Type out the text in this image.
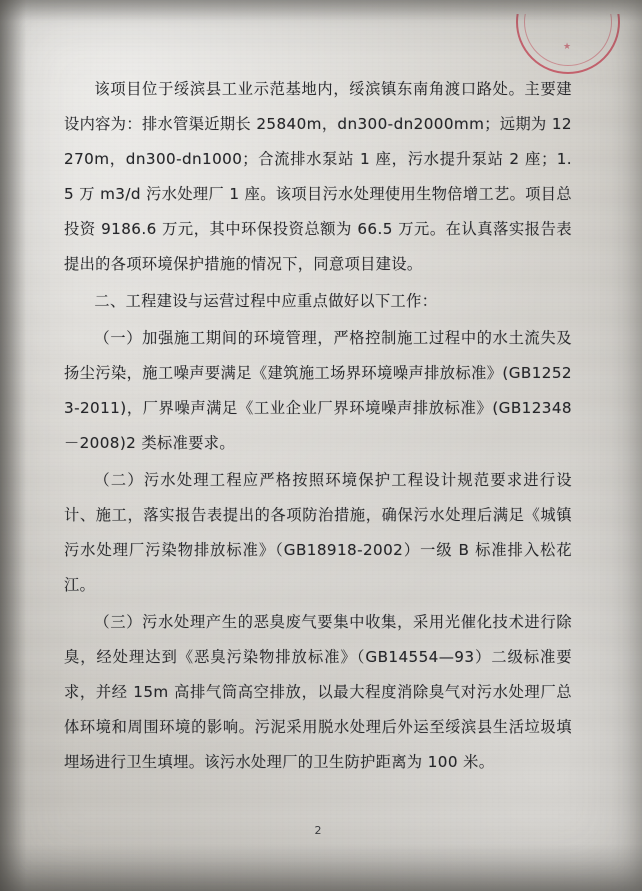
★

该项目位于绥滨县工业示范基地内，绥滨镇东南角渡口路处。主要建设内容为：排水管渠近期长 25840m，dn300-dn2000mm；远期为 12270m，dn300-dn1000；合流排水泵站 1 座，污水提升泵站 2 座；1.5 万 m3/d 污水处理厂 1 座。该项目污水处理使用生物倍增工艺。项目总投资 9186.6 万元，其中环保投资总额为 66.5 万元。在认真落实报告表提出的各项环境保护措施的情况下，同意项目建设。

二、工程建设与运营过程中应重点做好以下工作：

（一）加强施工期间的环境管理，严格控制施工过程中的水土流失及扬尘污染，施工噪声要满足《建筑施工场界环境噪声排放标准》(GB12523-2011)，厂界噪声满足《工业企业厂界环境噪声排放标准》(GB12348－2008)2 类标准要求。

（二）污水处理工程应严格按照环境保护工程设计规范要求进行设计、施工，落实报告表提出的各项防治措施，确保污水处理后满足《城镇污水处理厂污染物排放标准》（GB18918-2002）一级 B 标准排入松花江。

（三）污水处理产生的恶臭废气要集中收集，采用光催化技术进行除臭，经处理达到《恶臭污染物排放标准》（GB14554—93）二级标准要求，并经 15m 高排气筒高空排放，以最大程度消除臭气对污水处理厂总体环境和周围环境的影响。污泥采用脱水处理后外运至绥滨县生活垃圾填埋场进行卫生填埋。该污水处理厂的卫生防护距离为 100 米。

2
